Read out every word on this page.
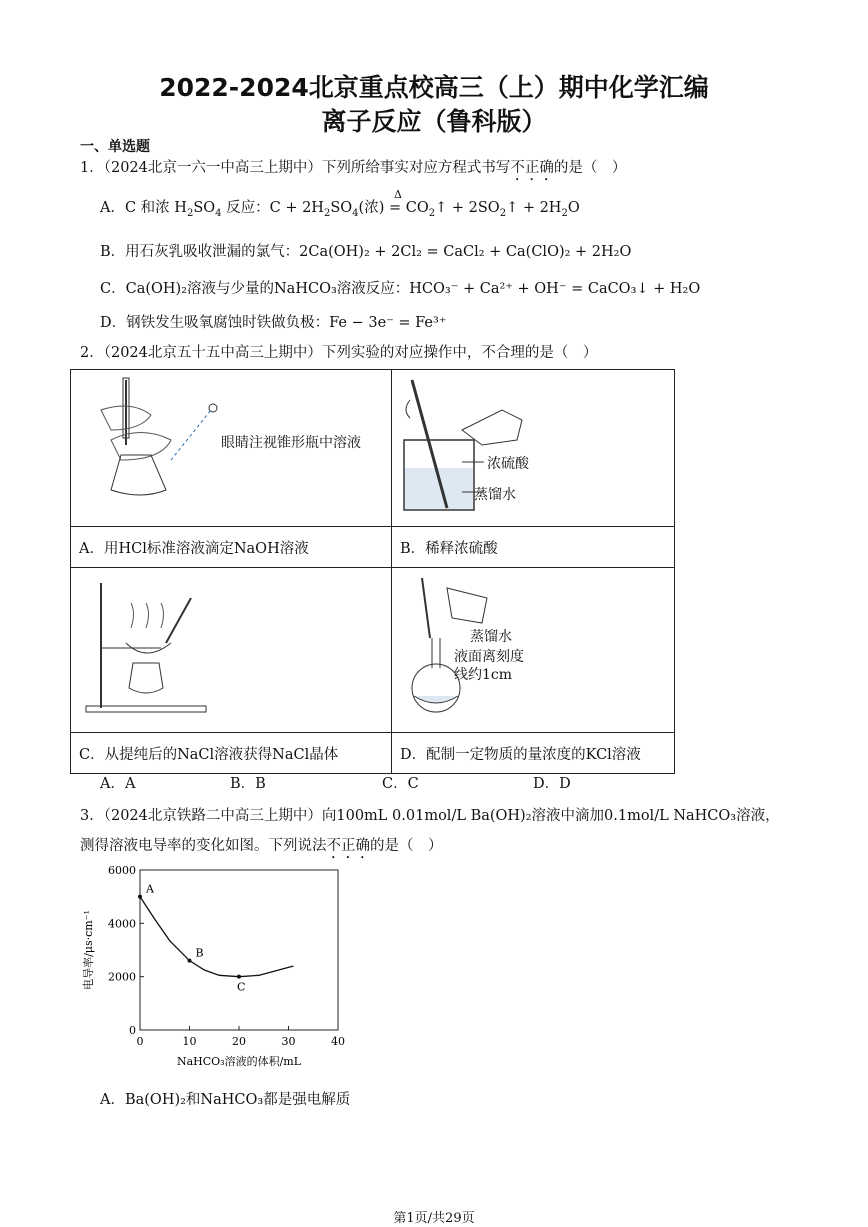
2022-2024北京重点校高三（上）期中化学汇编
离子反应（鲁科版）
一、单选题
1．（2024北京一六一中高三上期中）下列所给事实对应方程式书写不正确的是（　）
A．C 和浓 $H_2SO_4$ 反应：$C + 2H_2SO_4$(浓)
Δ
= $CO_2↑$ + $2SO_2↑ + 2H_2O$
B．用石灰乳吸收泄漏的氯气：2Ca(OH)₂ + 2Cl₂ = CaCl₂ + Ca(ClO)₂ + 2H₂O
C．Ca(OH)₂溶液与少量的NaHCO₃溶液反应：HCO₃⁻ + Ca²⁺ + OH⁻ = CaCO₃↓ + H₂O
D．钢铁发生吸氧腐蚀时铁做负极：Fe − 3e⁻ = Fe³⁺
2．（2024北京五十五中高三上期中）下列实验的对应操作中，不合理的是（　）
眼睛注视锥形瓶中溶液	浓硫酸
蒸馏水

A．用HCl标准溶液滴定NaOH溶液	B．稀释浓硫酸

蒸馏水
液面离刻度
线约1cm

C．从提纯后的NaCl溶液获得NaCl晶体	D．配制一定物质的量浓度的KCl溶液
A．A	B．B	C．C	D．D
3．（2024北京铁路二中高三上期中）向100mL 0.01mol/L Ba(OH)₂溶液中滴加0.1mol/L NaHCO₃溶液，
测得溶液电导率的变化如图。下列说法不正确的是（　）
0
2000
4000
6000
0	10	20	30	40
NaHCO₃溶液的体积/mL
电导率/μs·cm⁻¹
A
B
C
A．Ba(OH)₂和NaHCO₃都是强电解质
第1页/共29页
